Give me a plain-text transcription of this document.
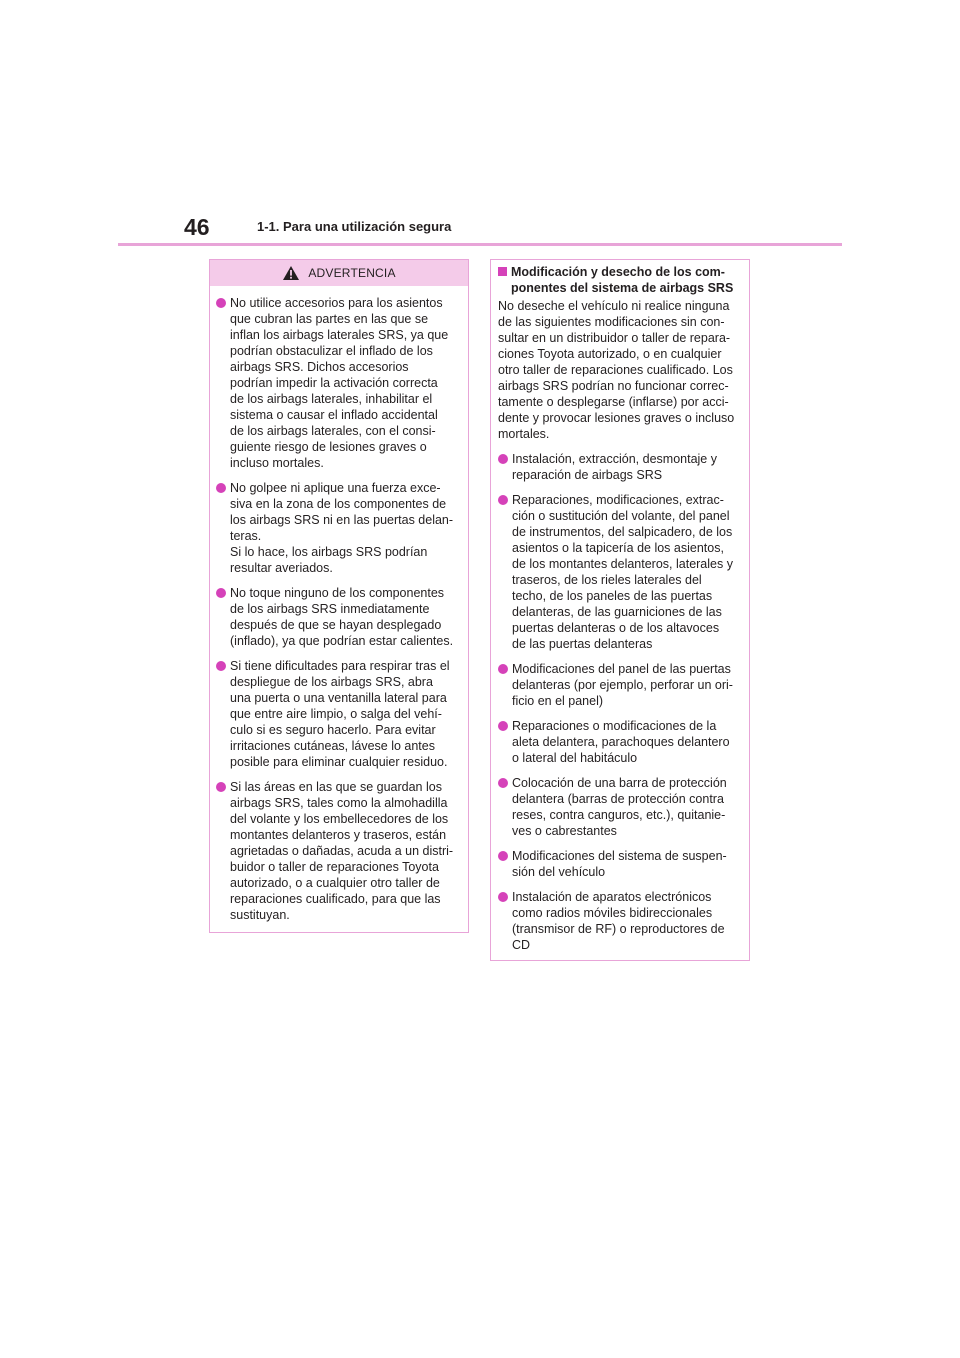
46	1-1. Para una utilización segura
ADVERTENCIA
No utilice accesorios para los asientos
que cubran las partes en las que se
inflan los airbags laterales SRS, ya que
podrían obstaculizar el inflado de los
airbags SRS. Dichos accesorios
podrían impedir la activación correcta
de los airbags laterales, inhabilitar el
sistema o causar el inflado accidental
de los airbags laterales, con el consi-
guiente riesgo de lesiones graves o
incluso mortales.
No golpee ni aplique una fuerza exce-
siva en la zona de los componentes de
los airbags SRS ni en las puertas delan-
teras.
Si lo hace, los airbags SRS podrían
resultar averiados.
No toque ninguno de los componentes
de los airbags SRS inmediatamente
después de que se hayan desplegado
(inflado), ya que podrían estar calientes.
Si tiene dificultades para respirar tras el
despliegue de los airbags SRS, abra
una puerta o una ventanilla lateral para
que entre aire limpio, o salga del vehí-
culo si es seguro hacerlo. Para evitar
irritaciones cutáneas, lávese lo antes
posible para eliminar cualquier residuo.
Si las áreas en las que se guardan los
airbags SRS, tales como la almohadilla
del volante y los embellecedores de los
montantes delanteros y traseros, están
agrietadas o dañadas, acuda a un distri-
buidor o taller de reparaciones Toyota
autorizado, o a cualquier otro taller de
reparaciones cualificado, para que las
sustituyan.
Modificación y desecho de los com-
ponentes del sistema de airbags SRS
No deseche el vehículo ni realice ninguna
de las siguientes modificaciones sin con-
sultar en un distribuidor o taller de repara-
ciones Toyota autorizado, o en cualquier
otro taller de reparaciones cualificado. Los
airbags SRS podrían no funcionar correc-
tamente o desplegarse (inflarse) por acci-
dente y provocar lesiones graves o incluso
mortales.
Instalación, extracción, desmontaje y
reparación de airbags SRS
Reparaciones, modificaciones, extrac-
ción o sustitución del volante, del panel
de instrumentos, del salpicadero, de los
asientos o la tapicería de los asientos,
de los montantes delanteros, laterales y
traseros, de los rieles laterales del
techo, de los paneles de las puertas
delanteras, de las guarniciones de las
puertas delanteras o de los altavoces
de las puertas delanteras
Modificaciones del panel de las puertas
delanteras (por ejemplo, perforar un ori-
ficio en el panel)
Reparaciones o modificaciones de la
aleta delantera, parachoques delantero
o lateral del habitáculo
Colocación de una barra de protección
delantera (barras de protección contra
reses, contra canguros, etc.), quitanie-
ves o cabrestantes
Modificaciones del sistema de suspen-
sión del vehículo
Instalación de aparatos electrónicos
como radios móviles bidireccionales
(transmisor de RF) o reproductores de
CD
